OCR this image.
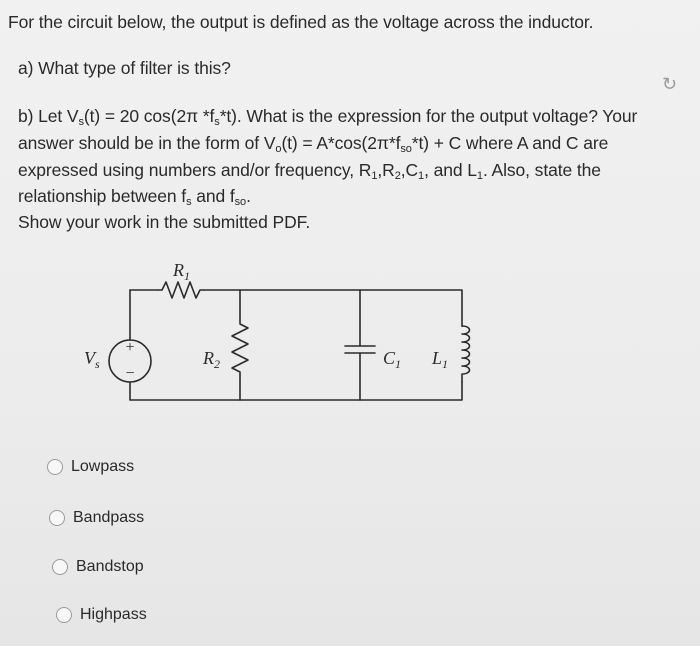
For the circuit below, the output is defined as the voltage across the inductor.
a) What type of filter is this?
b) Let $V_s(t) = 20$ cos(2π $*f_s*t$). What is the expression for the output voltage? Your
answer should be in the form of $V_o(t) = A*\cos(2\pi*f_{so}*t) + C$ where A and C are
expressed using numbers and/or frequency, $R_1,R_2,C_1$, and $L_1$. Also, state the
relationship between $f_s$ and $f_{so}$.
Show your work in the submitted PDF.
↻
+
−
$V_s$
$R_1$
$R_2$	$C_1$ $L_1$
Lowpass
Bandpass
Bandstop
Highpass
